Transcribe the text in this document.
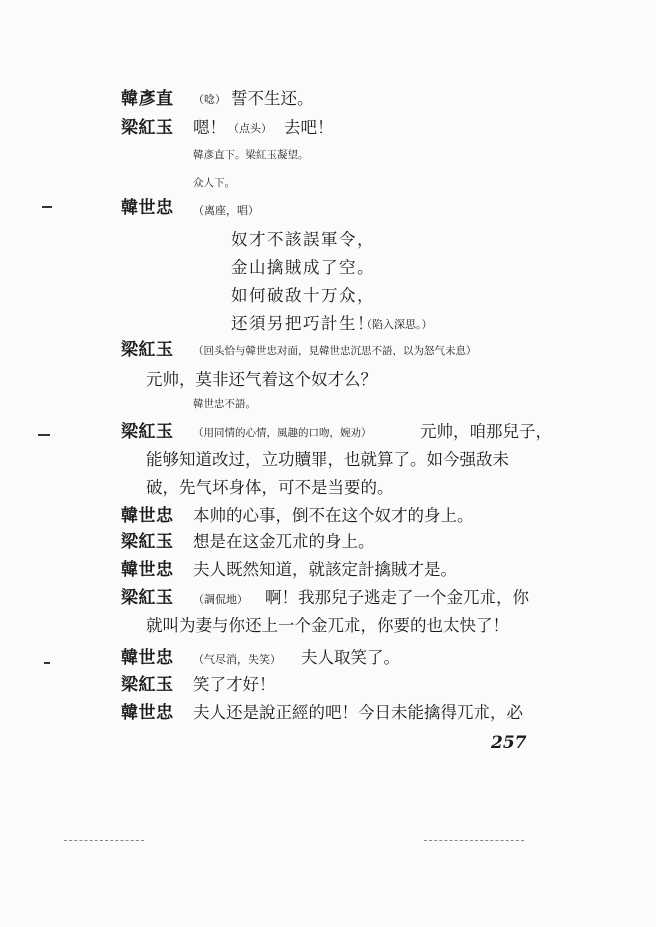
韓彥直 （唸） 誓不生还。
梁紅玉 嗯！ （点头） 去吧！
韓彥直下。梁紅玉凝望。
众人下。
韓世忠 （离座，唱）
奴才不該誤軍令，
金山擒賊成了空。
如何破敌十万众，
还須另把巧計生！
（陷入深思。）
梁紅玉 （回头恰与韓世忠对面，見韓世忠沉思不語，以为怒气未息）
元帅，莫非还气着这个奴才么？
韓世忠不語。
梁紅玉 （用同情的心情，風趣的口吻，婉劝）	元帅，咱那兒子，
能够知道改过，立功贖罪，也就算了。如今强敌未
破，先气坏身体，可不是当要的。
韓世忠 本帅的心事，倒不在这个奴才的身上。
梁紅玉 想是在这金兀朮的身上。
韓世忠 夫人既然知道，就該定計擒賊才是。
梁紅玉 （調侃地） 啊！我那兒子逃走了一个金兀朮，你
就叫为妻与你还上一个金兀朮，你要的也太快了！
韓世忠 （气尽消，失笑） 夫人取笑了。
梁紅玉 笑了才好！
韓世忠 夫人还是說正經的吧！今日未能擒得兀朮，必
257
